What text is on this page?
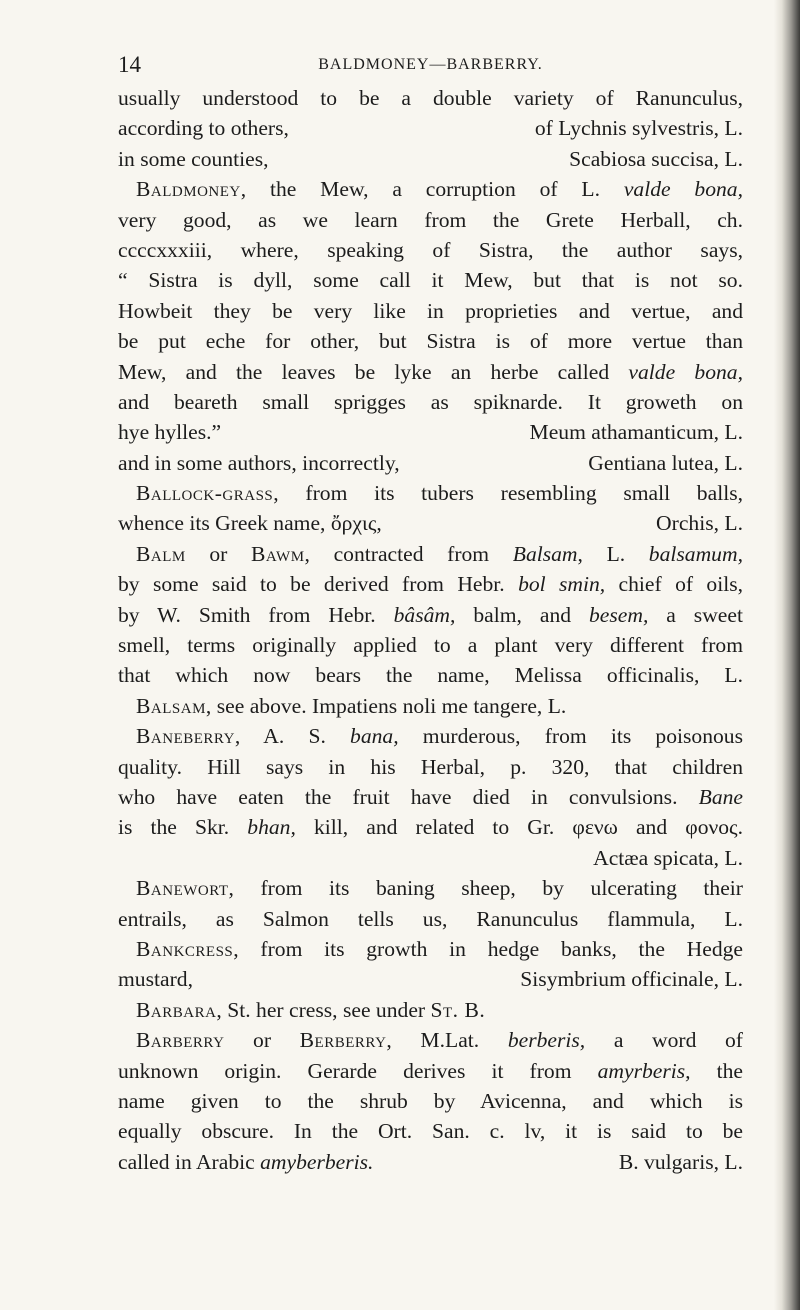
14	BALDMONEY—BARBERRY.
usually understood to be a double variety of Ranunculus,
according to others,	of Lychnis sylvestris, L.
in some counties,	Scabiosa succisa, L.
Baldmoney, the Mew, a corruption of L. valde bona,
very good, as we learn from the Grete Herball, ch.
ccccxxxiii, where, speaking of Sistra, the author says,
“ Sistra is dyll, some call it Mew, but that is not so.
Howbeit they be very like in proprieties and vertue, and
be put eche for other, but Sistra is of more vertue than
Mew, and the leaves be lyke an herbe called valde bona,
and beareth small sprigges as spiknarde. It groweth on
hye hylles.”	Meum athamanticum, L.
and in some authors, incorrectly,	Gentiana lutea, L.
Ballock-grass, from its tubers resembling small balls,
whence its Greek name, ὄρχις,	Orchis, L.
Balm or Bawm, contracted from Balsam, L. balsamum,
by some said to be derived from Hebr. bol smin, chief of oils,
by W. Smith from Hebr. bâsâm, balm, and besem, a sweet
smell, terms originally applied to a plant very different from
that which now bears the name, Melissa officinalis, L.
Balsam, see above. Impatiens noli me tangere, L.
Baneberry, A. S. bana, murderous, from its poisonous
quality. Hill says in his Herbal, p. 320, that children
who have eaten the fruit have died in convulsions. Bane
is the Skr. bhan, kill, and related to Gr. φενω and φονος.
Actæa spicata, L.
Banewort, from its baning sheep, by ulcerating their
entrails, as Salmon tells us, Ranunculus flammula, L.
Bankcress, from its growth in hedge banks, the Hedge
mustard,	Sisymbrium officinale, L.
Barbara, St. her cress, see under St. B.
Barberry or Berberry, M.Lat. berberis, a word of
unknown origin. Gerarde derives it from amyrberis, the
name given to the shrub by Avicenna, and which is
equally obscure. In the Ort. San. c. lv, it is said to be
called in Arabic amyberberis.	B. vulgaris, L.
